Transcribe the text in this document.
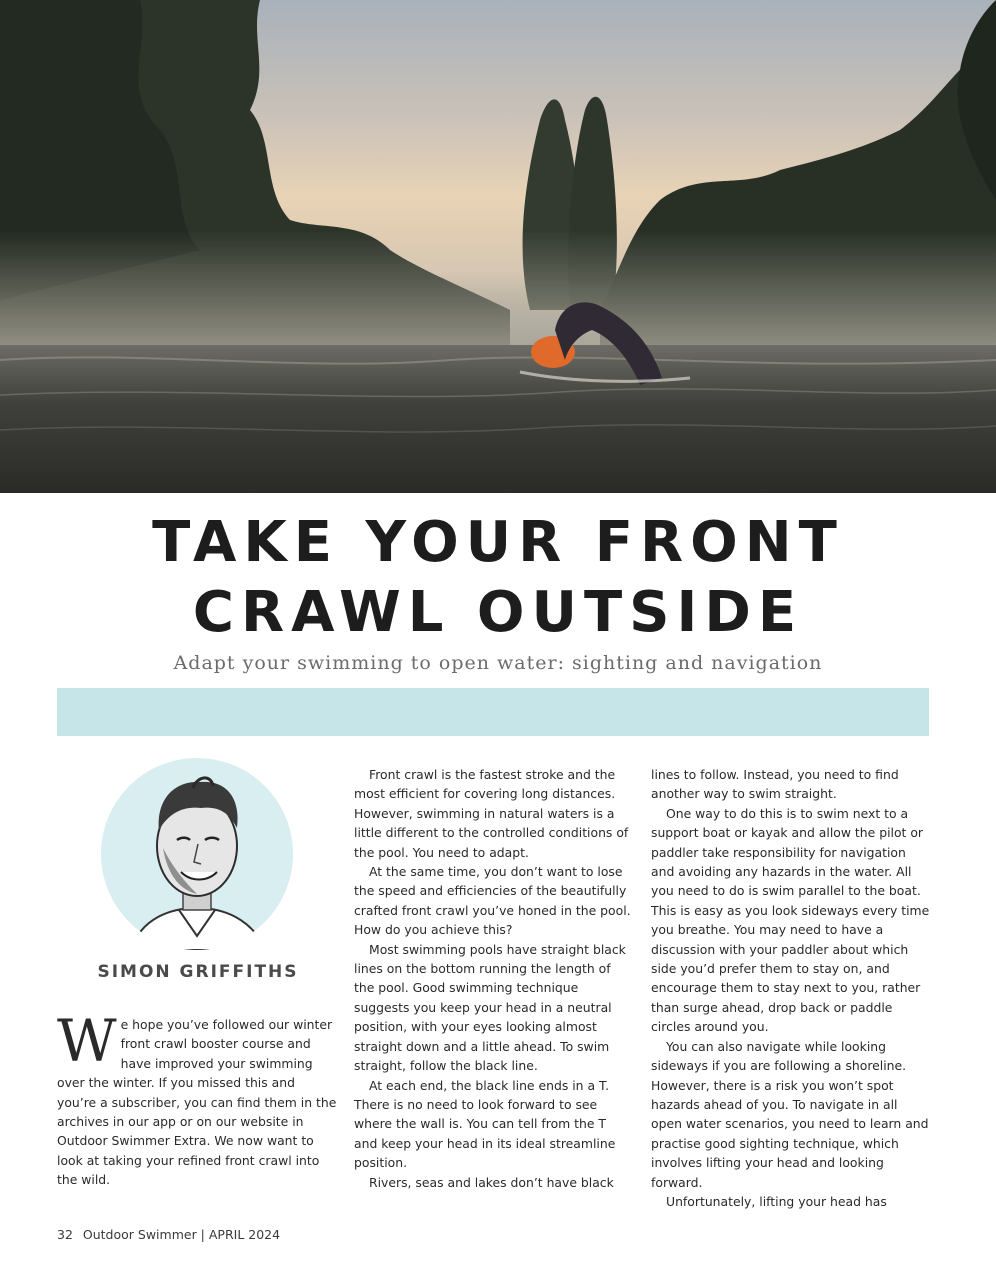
TAKE YOUR FRONT
CRAWL OUTSIDE
Adapt your swimming to open water: sighting and navigation
SIMON GRIFFITHS

We hope you’ve followed our winter front crawl booster course and have improved your swimming over the winter. If you missed this and you’re a subscriber, you can find them in the archives in our app or on our website in Outdoor Swimmer Extra. We now want to look at taking your refined front crawl into the wild.

Front crawl is the fastest stroke and the most efficient for covering long distances. However, swimming in natural waters is a little different to the controlled conditions of the pool. You need to adapt.

At the same time, you don’t want to lose the speed and efficiencies of the beautifully crafted front crawl you’ve honed in the pool. How do you achieve this?

Most swimming pools have straight black lines on the bottom running the length of the pool. Good swimming technique suggests you keep your head in a neutral position, with your eyes looking almost straight down and a little ahead. To swim straight, follow the black line.

At each end, the black line ends in a T. There is no need to look forward to see where the wall is. You can tell from the T and keep your head in its ideal streamline position.

Rivers, seas and lakes don’t have black

lines to follow. Instead, you need to find another way to swim straight.

One way to do this is to swim next to a support boat or kayak and allow the pilot or paddler take responsibility for navigation and avoiding any hazards in the water. All you need to do is swim parallel to the boat. This is easy as you look sideways every time you breathe. You may need to have a discussion with your paddler about which side you’d prefer them to stay on, and encourage them to stay next to you, rather than surge ahead, drop back or paddle circles around you.

You can also navigate while looking sideways if you are following a shoreline. However, there is a risk you won’t spot hazards ahead of you. To navigate in all open water scenarios, you need to learn and practise good sighting technique, which involves lifting your head and looking forward.

Unfortunately, lifting your head has

32 Outdoor Swimmer | APRIL 2024
